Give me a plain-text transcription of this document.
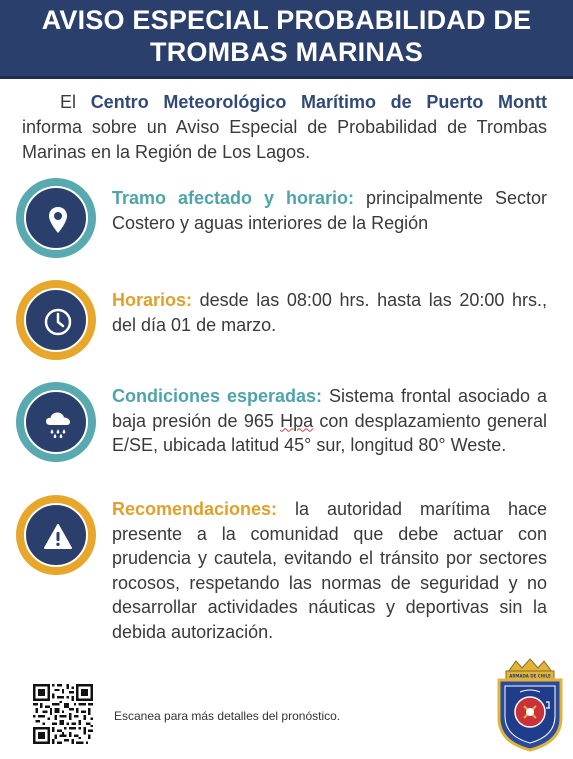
AVISO ESPECIAL PROBABILIDAD DE
TROMBAS MARINAS
El Centro Meteorológico Marítimo de Puerto Montt informa sobre un Aviso Especial de Probabilidad de Trombas Marinas en la Región de Los Lagos.
Tramo afectado y horario: principalmente Sector Costero y aguas interiores de la Región
Horarios: desde las 08:00 hrs. hasta las 20:00 hrs., del día 01 de marzo.
Condiciones esperadas: Sistema frontal asociado a baja presión de 965 Hpa con desplazamiento general E/SE, ubicada latitud 45° sur, longitud 80° Weste.
Recomendaciones: la autoridad marítima hace presente a la comunidad que debe actuar con prudencia y cautela, evitando el tránsito por sectores rocosos, respetando las normas de seguridad y no desarrollar actividades náuticas y deportivas sin la debida autorización.
Escanea para más detalles del pronóstico.
ARMADA DE CHILE
